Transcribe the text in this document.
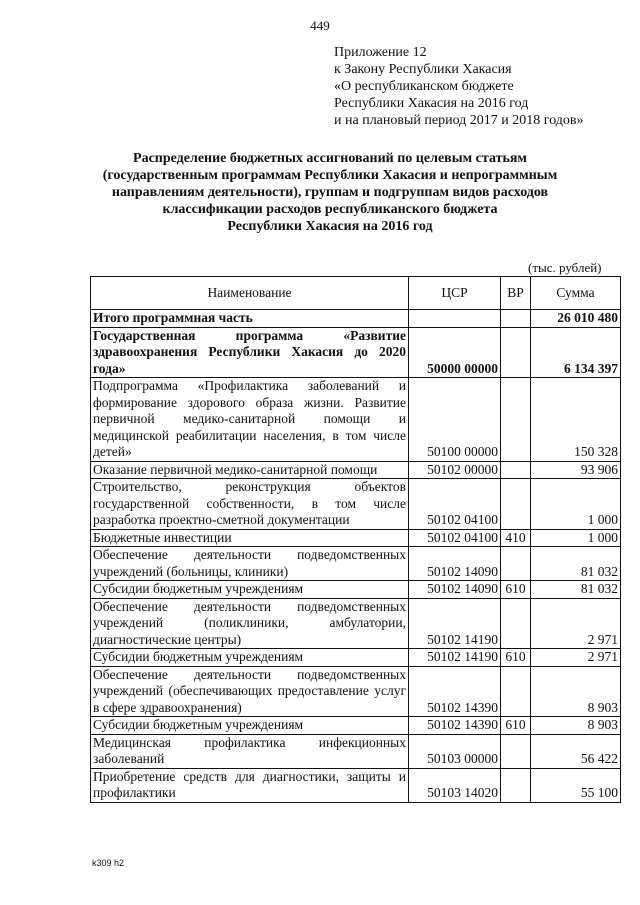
449
Приложение 12
к Закону Республики Хакасия
«О республиканском бюджете
Республики Хакасия на 2016 год
и на плановый период 2017 и 2018 годов»
Распределение бюджетных ассигнований по целевым статьям
(государственным программам Республики Хакасия и непрограммным
направлениям деятельности), группам и подгруппам видов расходов
классификации расходов республиканского бюджета
Республики Хакасия на 2016 год
(тыс. рублей)
Наименование	ЦСР	ВР	Сумма
Итого программная часть			26 010 480
Государственная программа «Развитие здравоохранения Республики Хакасия до 2020 года»	50000 00000		6 134 397
Подпрограмма «Профилактика заболеваний и формирование здорового образа жизни. Развитие первичной медико-санитарной помощи и медицинской реабилитации населения, в том числе детей»	50100 00000		150 328
Оказание первичной медико-санитарной помощи	50102 00000		93 906
Строительство, реконструкция объектов государственной собственности, в том числе разработка проектно-сметной документации	50102 04100		1 000
Бюджетные инвестиции	50102 04100	410	1 000
Обеспечение деятельности подведомственных учреждений (больницы, клиники)	50102 14090		81 032
Субсидии бюджетным учреждениям	50102 14090	610	81 032
Обеспечение деятельности подведомственных учреждений (поликлиники, амбулатории, диагностические центры)	50102 14190		2 971
Субсидии бюджетным учреждениям	50102 14190	610	2 971
Обеспечение деятельности подведомственных учреждений (обеспечивающих предоставление услуг в сфере здравоохранения)	50102 14390		8 903
Субсидии бюджетным учреждениям	50102 14390	610	8 903
Медицинская профилактика инфекционных заболеваний	50103 00000		56 422
Приобретение средств для диагностики, защиты и профилактики	50103 14020		55 100
k309 h2
